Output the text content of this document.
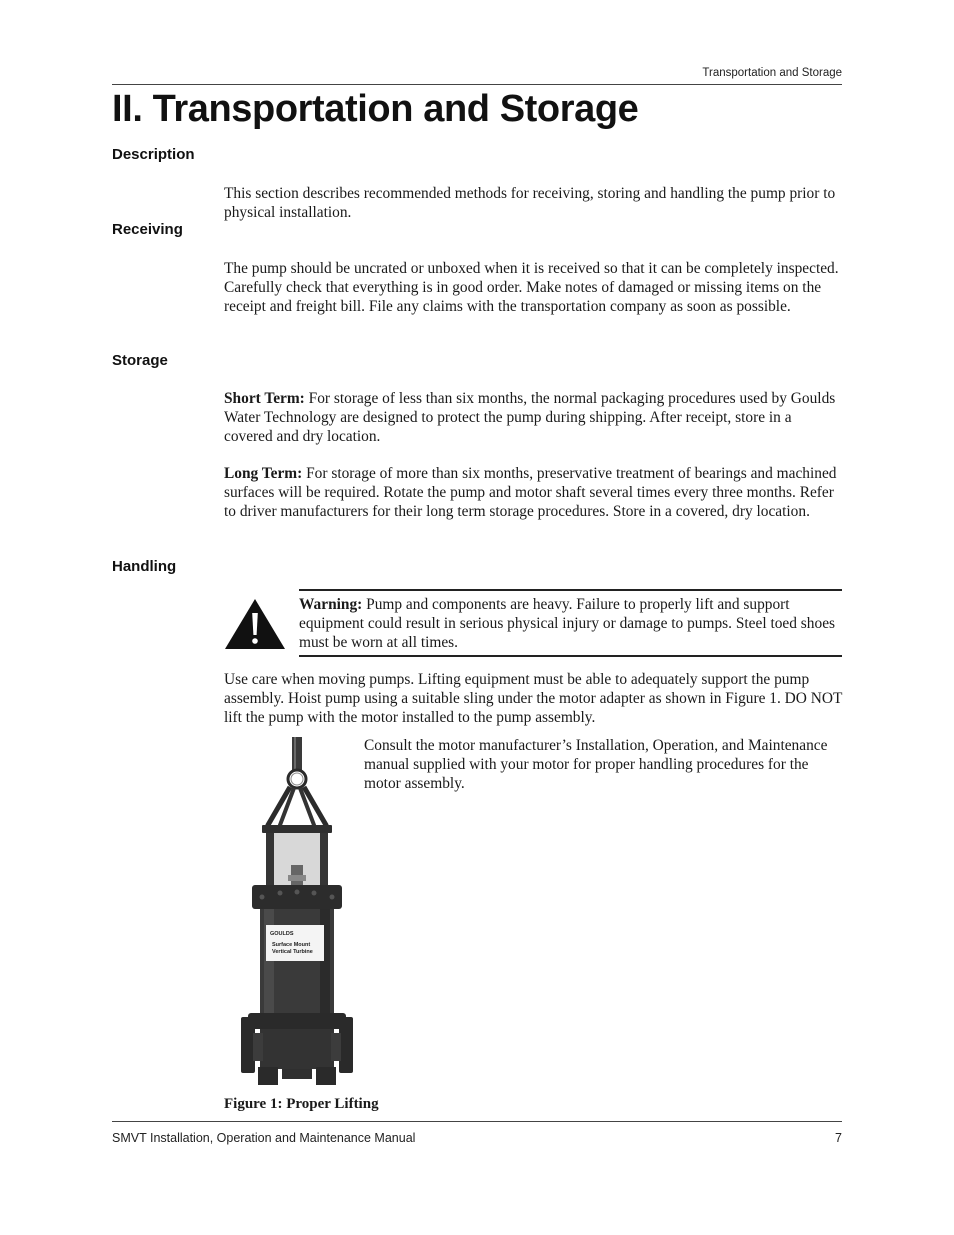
Transportation and Storage
II. Transportation and Storage
Description

This section describes recommended methods for receiving, storing and handling the pump prior to physical installation.

Receiving

The pump should be uncrated or unboxed when it is received so that it can be completely inspected. Carefully check that everything is in good order. Make notes of damaged or missing items on the receipt and freight bill. File any claims with the transportation company as soon as possible.

Storage

Short Term: For storage of less than six months, the normal packaging procedures used by Goulds Water Technology are designed to protect the pump during shipping. After receipt, store in a covered and dry location.

Long Term: For storage of more than six months, preservative treatment of bearings and machined surfaces will be required. Rotate the pump and motor shaft several times every three months. Refer to driver manufacturers for their long term storage procedures. Store in a covered, dry location.

Handling

Warning: Pump and components are heavy. Failure to properly lift and support equipment could result in serious physical injury or damage to pumps. Steel toed shoes must be worn at all times.

Use care when moving pumps. Lifting equipment must be able to adequately support the pump assembly. Hoist pump using a suitable sling under the motor adapter as shown in Figure 1. DO NOT lift the pump with the motor installed to the pump assembly.

Consult the motor manufacturer’s Installation, Operation, and Maintenance manual supplied with your motor for proper handling procedures for the motor assembly.

GOULDS
Surface Mount
Vertical Turbine

Figure 1: Proper Lifting

SMVT Installation, Operation and Maintenance Manual	7
